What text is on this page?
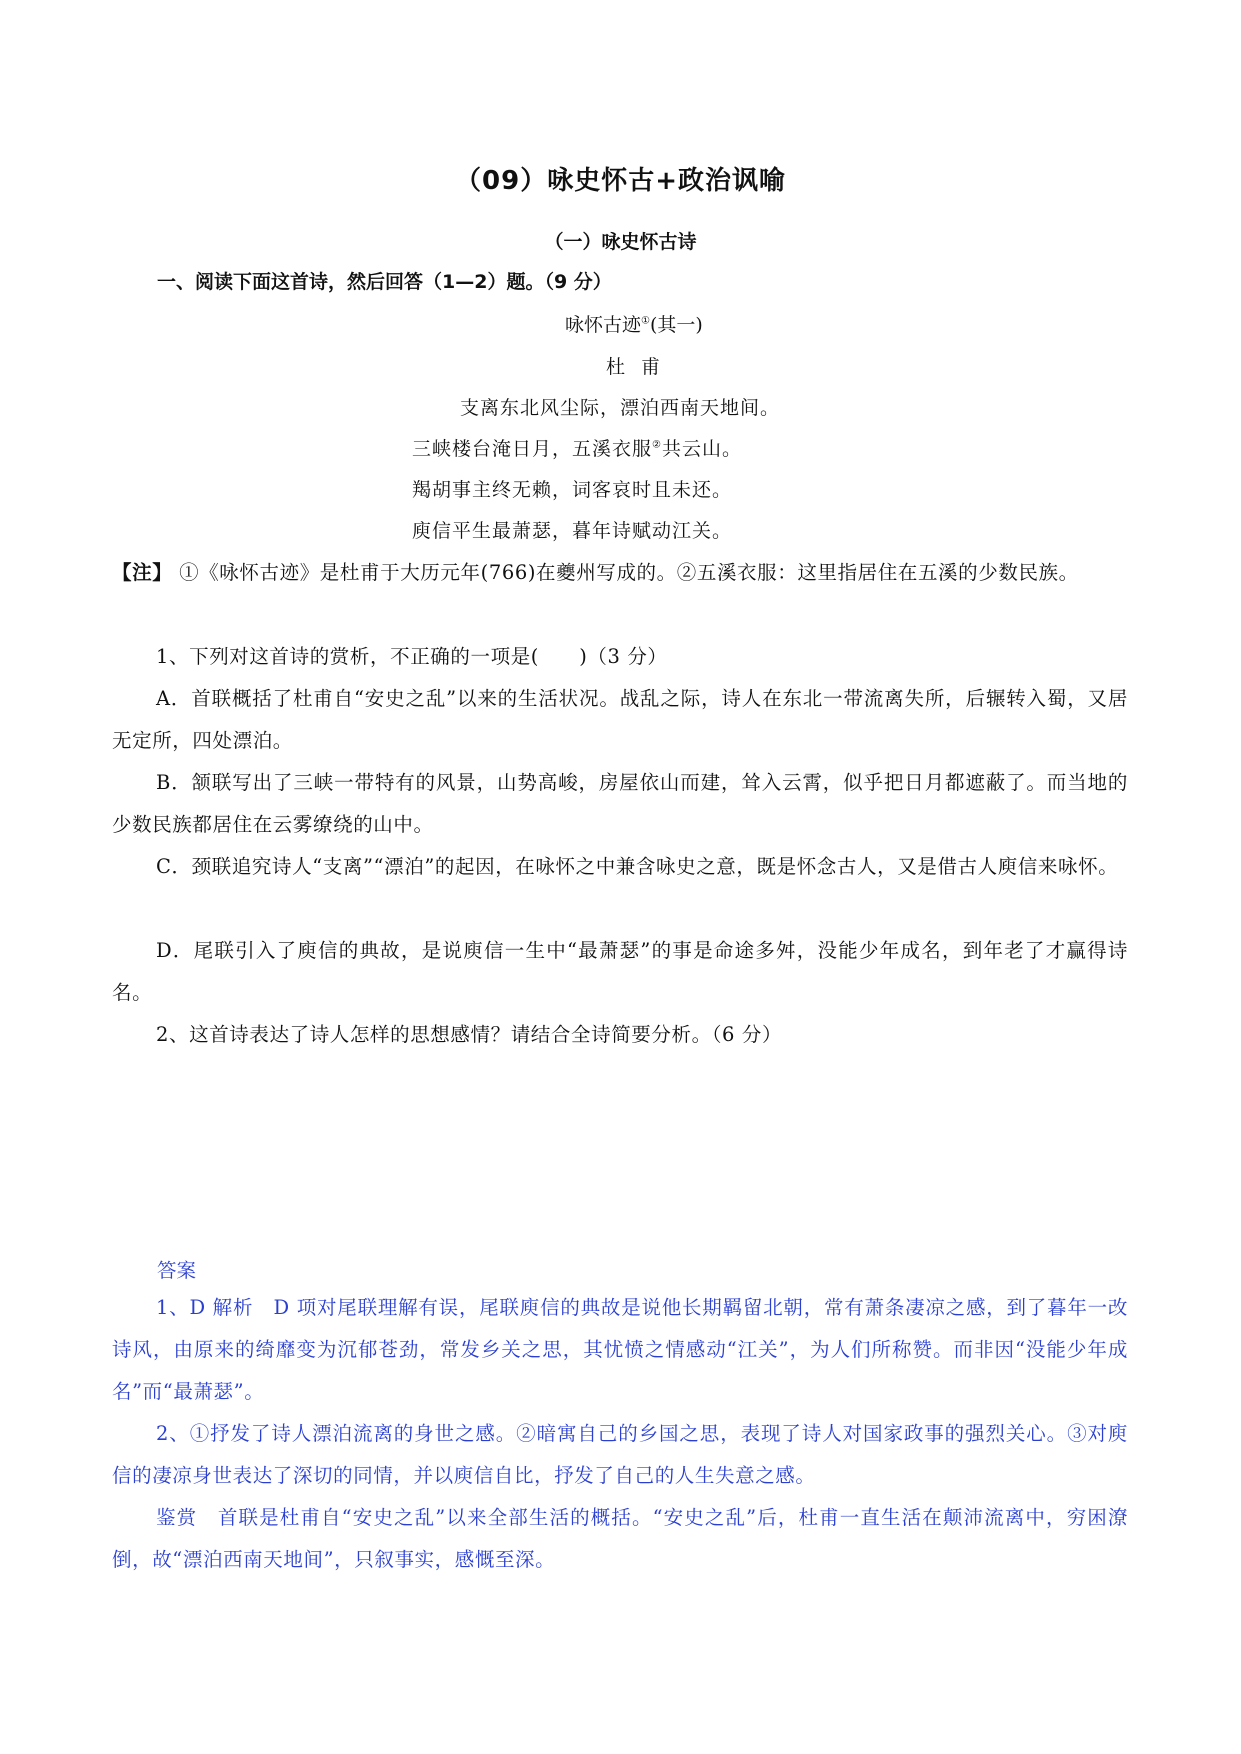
（09）咏史怀古+政治讽喻
（一）咏史怀古诗
一、阅读下面这首诗，然后回答（1—2）题。（9 分）
咏怀古迹①(其一)
杜甫
支离东北风尘际，漂泊西南天地间。
三峡楼台淹日月，五溪衣服②共云山。
羯胡事主终无赖，词客哀时且未还。
庾信平生最萧瑟，暮年诗赋动江关。
【注】 ①《咏怀古迹》是杜甫于大历元年(766)在夔州写成的。②五溪衣服：这里指居住在五溪的少数民族。
1、下列对这首诗的赏析，不正确的一项是(　　)（3 分）
A．首联概括了杜甫自“安史之乱”以来的生活状况。战乱之际，诗人在东北一带流离失所，后辗转入蜀，又居无定所，四处漂泊。
B．颔联写出了三峡一带特有的风景，山势高峻，房屋依山而建，耸入云霄，似乎把日月都遮蔽了。而当地的少数民族都居住在云雾缭绕的山中。
C．颈联追究诗人“支离”“漂泊”的起因，在咏怀之中兼含咏史之意，既是怀念古人，又是借古人庾信来咏怀。
D．尾联引入了庾信的典故，是说庾信一生中“最萧瑟”的事是命途多舛，没能少年成名，到年老了才赢得诗名。
2、这首诗表达了诗人怎样的思想感情？请结合全诗简要分析。（6 分）
答案
1、D 解析　D 项对尾联理解有误，尾联庾信的典故是说他长期羁留北朝，常有萧条凄凉之感，到了暮年一改诗风，由原来的绮靡变为沉郁苍劲，常发乡关之思，其忧愤之情感动“江关”，为人们所称赞。而非因“没能少年成名”而“最萧瑟”。
2、①抒发了诗人漂泊流离的身世之感。②暗寓自己的乡国之思，表现了诗人对国家政事的强烈关心。③对庾信的凄凉身世表达了深切的同情，并以庾信自比，抒发了自己的人生失意之感。
鉴赏　首联是杜甫自“安史之乱”以来全部生活的概括。“安史之乱”后，杜甫一直生活在颠沛流离中，穷困潦倒，故“漂泊西南天地间”，只叙事实，感慨至深。
